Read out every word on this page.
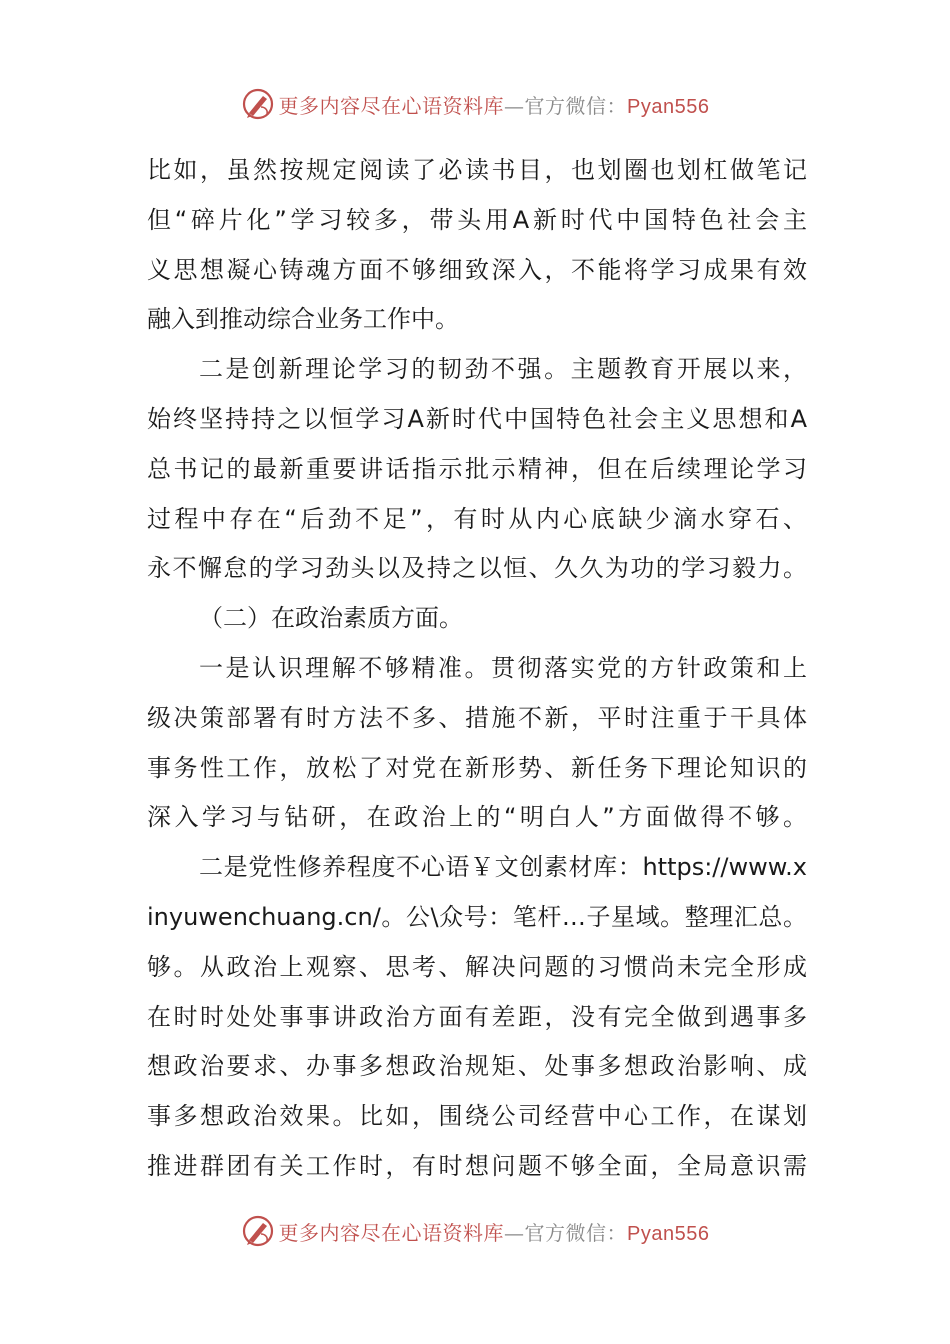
更多内容尽在心语资料库—官方微信：Pyan556
比如，虽然按规定阅读了必读书目，也划圈也划杠做笔记
但“碎片化”学习较多，带头用A新时代中国特色社会主
义思想凝心铸魂方面不够细致深入，不能将学习成果有效
融入到推动综合业务工作中。
二是创新理论学习的韧劲不强。主题教育开展以来，
始终坚持持之以恒学习A新时代中国特色社会主义思想和A
总书记的最新重要讲话指示批示精神，但在后续理论学习
过程中存在“后劲不足”，有时从内心底缺少滴水穿石、
永不懈怠的学习劲头以及持之以恒、久久为功的学习毅力。
（二）在政治素质方面。
一是认识理解不够精准。贯彻落实党的方针政策和上
级决策部署有时方法不多、措施不新，平时注重于干具体
事务性工作，放松了对党在新形势、新任务下理论知识的
深入学习与钻研，在政治上的“明白人”方面做得不够。
二是党性修养程度不心语￥文创素材库：https://www.x
inyuwenchuang.cn/。公\众号：笔杆…子星域。整理汇总。
够。从政治上观察、思考、解决问题的习惯尚未完全形成
在时时处处事事讲政治方面有差距，没有完全做到遇事多
想政治要求、办事多想政治规矩、处事多想政治影响、成
事多想政治效果。比如，围绕公司经营中心工作，在谋划
推进群团有关工作时，有时想问题不够全面，全局意识需
更多内容尽在心语资料库—官方微信：Pyan556
